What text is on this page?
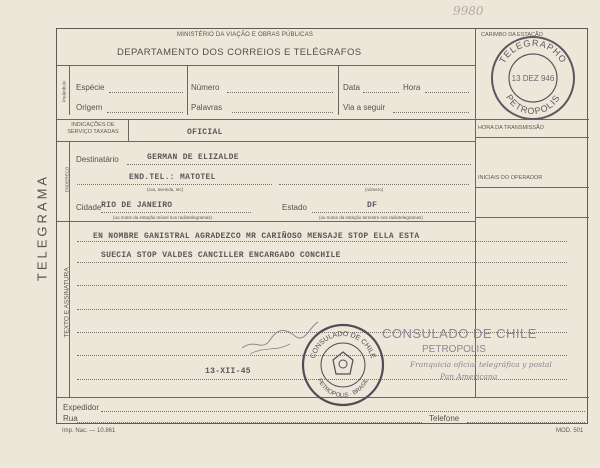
9980
TELEGRAMA
MINISTÉRIO DA VIAÇÃO E OBRAS PÚBLICAS
DEPARTAMENTO DOS CORREIOS E TELÉGRAFOS
Preâmbulo Espécie	Número	Data	Hora
Origem	Palavras	Via a seguir
CARIMBO DA ESTAÇÃO
HORA DA TRANSMISSÃO
INICIAIS DO OPERADOR
INDICAÇÕES DE SERVIÇO TAXADAS	OFICIAL
ENDEREÇO
Destinatário	GERMAN DE ELIZALDE
END.TEL.: MATOTEL
(rua, avenida, etc)	(número)
Cidade RIO DE JANEIRO	Estado	DF
(ou nome da estação móvel nos radiotelegramas)	(ou nome da estação terrestre nos radiotelegramas)
TEXTO E ASSINATURA
EN NOMBRE GANISTRAL AGRADEZCO MR CARIÑOSO MENSAJE STOP ELLA ESTA
SUECIA STOP VALDES CANCILLER ENCARGADO CONCHILE
13-XII-45
Expedidor
Rua	Telefone
TELEGRAPHO
PETROPOLIS
13 DEZ 946
CONSULADO DE CHILE
PETROPOLIS · BRASIL
CONSULADO DE CHILE
PETROPOLIS
Franquicia oficial telegráfica y postal
Pan Americana
Imp. Nac. — 10.861	MOD. 501
